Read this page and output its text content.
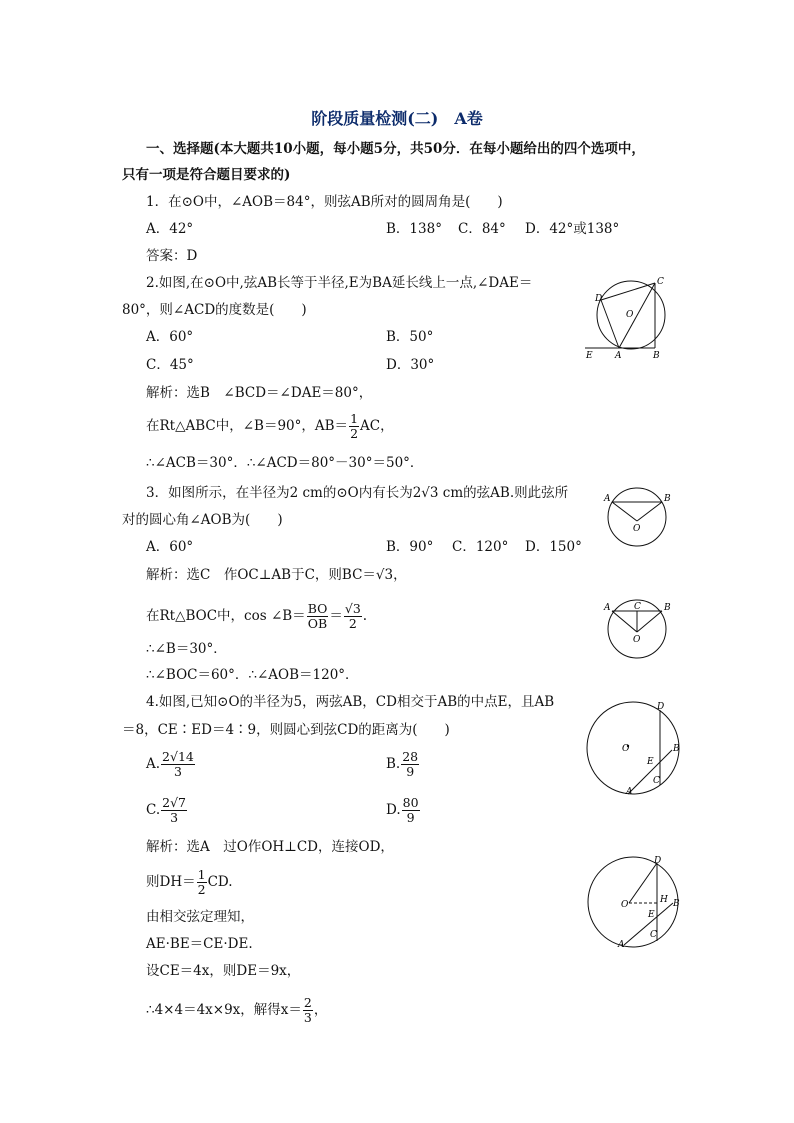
阶段质量检测(二)　A卷
一、选择题(本大题共10小题，每小题5分，共50分．在每小题给出的四个选项中，
只有一项是符合题目要求的)
1．在⊙O中，∠AOB＝84°，则弦AB所对的圆周角是(　　)
A．42°	B．138° C．84° D．42°或138°
答案：D
2.如图,在⊙O中,弦AB长等于半径,E为BA延长线上一点,∠DAE＝
80°，则∠ACD的度数是(　　)
A．60°	B．50°
C．45°	D．30°
解析：选B　∠BCD＝∠DAE＝80°，
在Rt△ABC中，∠B＝90°，$AB= \frac{1}{2}$ AC，
∴∠ACB＝30°．∴∠ACD＝80°－30°＝50°．
3．如图所示，在半径为2 cm的⊙O内有长为2√3 cm的弦AB.则此弦所
对的圆心角∠AOB为(　　)
A．60°	B．90° C．120° D．150°
解析：选C　作OC⊥AB于C，则BC＝√3，
在Rt△BOC中，cos ∠B＝ $\frac{BO}{OB} = \frac{√3}{2}$ .
∴∠B＝30°．
∴∠BOC＝60°．∴∠AOB＝120°．
4.如图,已知⊙O的半径为5，两弦AB，CD相交于AB的中点E，且AB
＝8，CE∶ED＝4∶9，则圆心到弦CD的距离为(　　)
A. $\frac{2√14}{3}$	B. $\frac{28}{9}$
C. $\frac{2√7}{3}$	D. $\frac{80}{9}$
解析：选A　过O作OH⊥CD，连接OD，
则$DH= \frac{1}{2}$ CD.
由相交弦定理知，
AE·BE＝CE·DE.
设CE＝4x，则DE＝9x，
∴4×4＝4x×9x，解得$x= \frac{2}{3}$ ，
D
C
O
E A	B
A	B
O
A	C	B
O
D
O	B
E
C
A
D
H
O
E
B
C
A
